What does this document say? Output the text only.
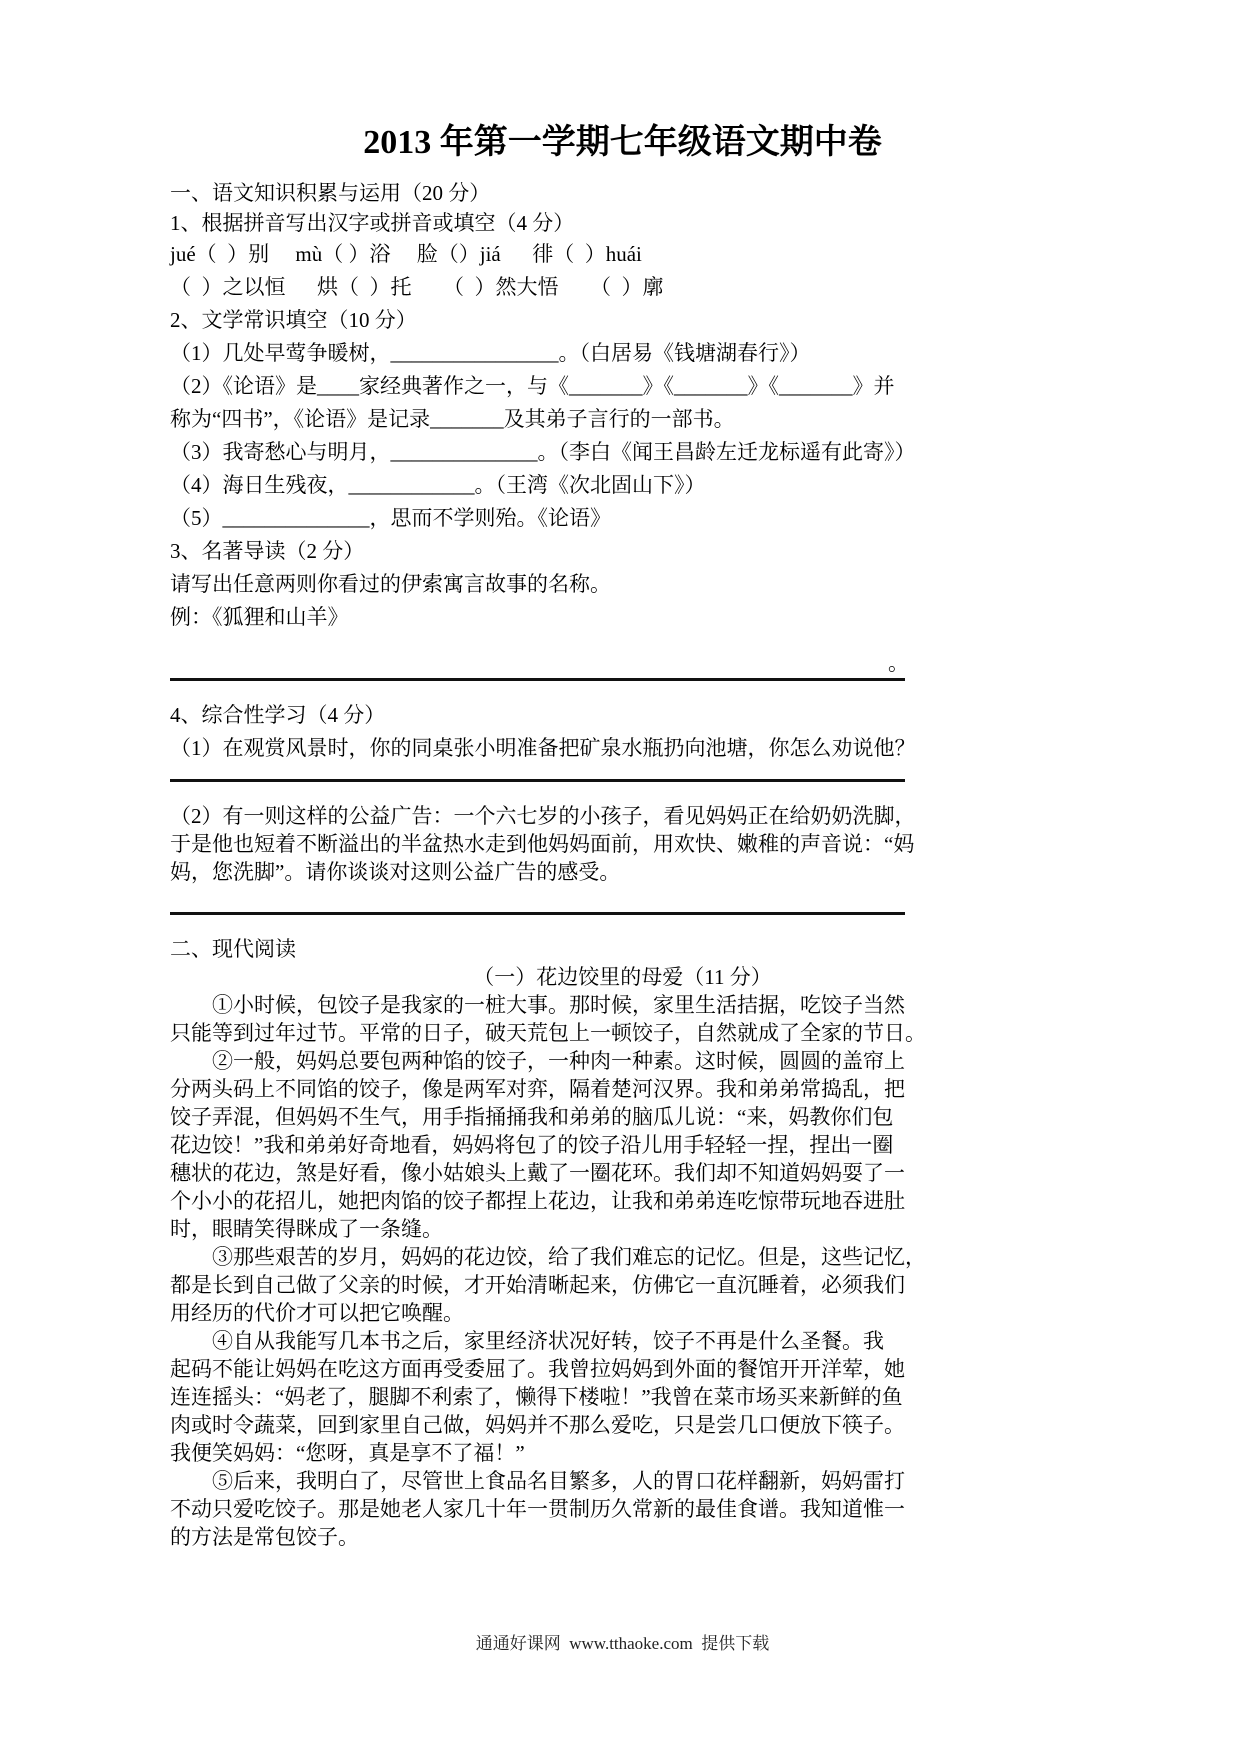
2013 年第一学期七年级语文期中卷
一、语文知识积累与运用（20 分）
1、根据拼音写出汉字或拼音或填空（4 分）
jué（  ）别     mù（ ）浴     脸（）jiá      徘（  ）huái
（  ）之以恒      烘（  ）托      （  ）然大悟      （  ）廓
2、文学常识填空（10 分）
（1）几处早莺争暖树，________________。（白居易《钱塘湖春行》）
（2）《论语》是____家经典著作之一，与《_______》《_______》《_______》并
称为“四书”，《论语》是记录_______及其弟子言行的一部书。
（3）我寄愁心与明月，______________。（李白《闻王昌龄左迁龙标遥有此寄》）
（4）海日生残夜，____________。（王湾《次北固山下》）
（5）______________，思而不学则殆。《论语》
3、名著导读（2 分）
请写出任意两则你看过的伊索寓言故事的名称。
例：《狐狸和山羊》
。
4、综合性学习（4 分）
（1）在观赏风景时，你的同桌张小明准备把矿泉水瓶扔向池塘，你怎么劝说他？
（2）有一则这样的公益广告：一个六七岁的小孩子，看见妈妈正在给奶奶洗脚，
于是他也短着不断溢出的半盆热水走到他妈妈面前，用欢快、嫩稚的声音说：“妈
妈，您洗脚”。请你谈谈对这则公益广告的感受。
二、现代阅读
（一）花边饺里的母爱（11 分）
　　①小时候，包饺子是我家的一桩大事。那时候，家里生活拮据，吃饺子当然
只能等到过年过节。平常的日子，破天荒包上一顿饺子，自然就成了全家的节日。
　　②一般，妈妈总要包两种馅的饺子，一种肉一种素。这时候，圆圆的盖帘上
分两头码上不同馅的饺子，像是两军对弈，隔着楚河汉界。我和弟弟常捣乱，把
饺子弄混，但妈妈不生气，用手指捅捅我和弟弟的脑瓜儿说：“来，妈教你们包
花边饺！”我和弟弟好奇地看，妈妈将包了的饺子沿儿用手轻轻一捏，捏出一圈
穗状的花边，煞是好看，像小姑娘头上戴了一圈花环。我们却不知道妈妈耍了一
个小小的花招儿，她把肉馅的饺子都捏上花边，让我和弟弟连吃惊带玩地吞进肚
时，眼睛笑得眯成了一条缝。
　　③那些艰苦的岁月，妈妈的花边饺，给了我们难忘的记忆。但是，这些记忆，
都是长到自己做了父亲的时候，才开始清晰起来，仿佛它一直沉睡着，必须我们
用经历的代价才可以把它唤醒。
　　④自从我能写几本书之后，家里经济状况好转，饺子不再是什么圣餐。我
起码不能让妈妈在吃这方面再受委屈了。我曾拉妈妈到外面的餐馆开开洋荤，她
连连摇头：“妈老了，腿脚不利索了，懒得下楼啦！”我曾在菜市场买来新鲜的鱼
肉或时令蔬菜，回到家里自己做，妈妈并不那么爱吃，只是尝几口便放下筷子。
我便笑妈妈：“您呀，真是享不了福！”
　　⑤后来，我明白了，尽管世上食品名目繁多，人的胃口花样翻新，妈妈雷打
不动只爱吃饺子。那是她老人家几十年一贯制历久常新的最佳食谱。我知道惟一
的方法是常包饺子。
通通好课网  www.tthaoke.com  提供下载
